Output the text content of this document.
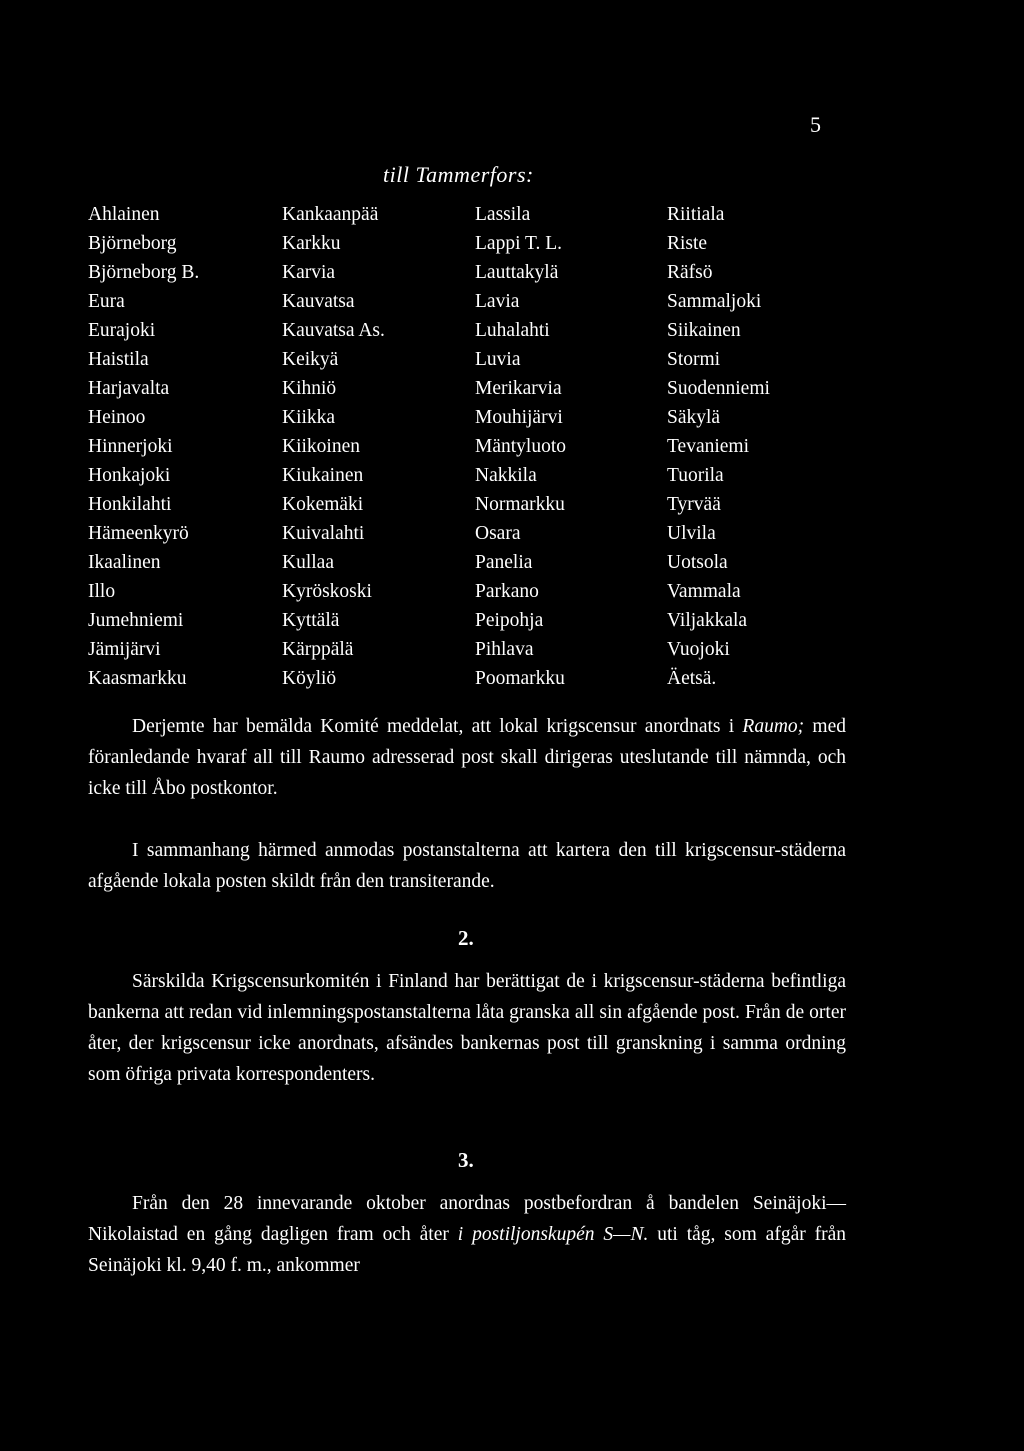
5
till Tammerfors:
Ahlainen
Björneborg
Björneborg B.
Eura
Eurajoki
Haistila
Harjavalta
Heinoo
Hinnerjoki
Honkajoki
Honkilahti
Hämeenkyrö
Ikaalinen
Illo
Jumehniemi
Jämijärvi
Kaasmarkku
Kankaanpää
Karkku
Karvia
Kauvatsa
Kauvatsa As.
Keikyä
Kihniö
Kiikka
Kiikoinen
Kiukainen
Kokemäki
Kuivalahti
Kullaa
Kyröskoski
Kyttälä
Kärppälä
Köyliö
Lassila
Lappi T. L.
Lauttakylä
Lavia
Luhalahti
Luvia
Merikarvia
Mouhijärvi
Mäntyluoto
Nakkila
Normarkku
Osara
Panelia
Parkano
Peipohja
Pihlava
Poomarkku
Riitiala
Riste
Räfsö
Sammaljoki
Siikainen
Stormi
Suodenniemi
Säkylä
Tevaniemi
Tuorila
Tyrvää
Ulvila
Uotsola
Vammala
Viljakkala
Vuojoki
Äetsä.
Derjemte har bemälda Komité meddelat, att lokal krigscensur anordnats i Raumo; med föranledande hvaraf all till Raumo adresserad post skall dirigeras uteslutande till nämnda, och icke till Åbo postkontor.
I sammanhang härmed anmodas postanstalterna att kartera den till krigscensur-städerna afgående lokala posten skildt från den transiterande.
2.
Särskilda Krigscensurkomitén i Finland har berättigat de i krigscensur-städerna befintliga bankerna att redan vid inlemningspostanstalterna låta granska all sin afgående post. Från de orter åter, der krigscensur icke anordnats, afsändes bankernas post till granskning i samma ordning som öfriga privata korrespondenters.
3.
Från den 28 innevarande oktober anordnas postbefordran å bandelen Seinäjoki—Nikolaistad en gång dagligen fram och åter i postiljonskupén S—N. uti tåg, som afgår från Seinäjoki kl. 9,40 f. m., ankommer
